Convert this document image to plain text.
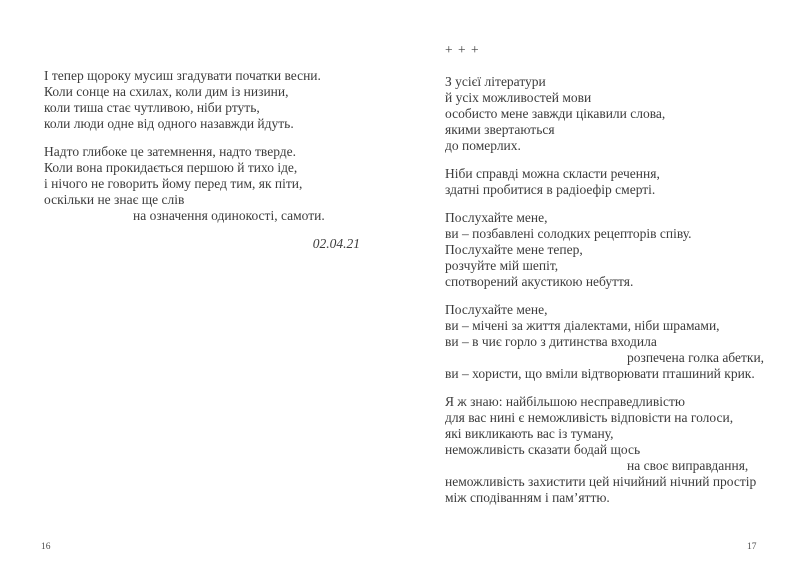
І тепер щороку мусиш згадувати початки весни.
Коли сонце на схилах, коли дим із низини,
коли тиша стає чутливою, ніби ртуть,
коли люди одне від одного назавжди йдуть.
Надто глибоке це затемнення, надто тверде.
Коли вона прокидається першою й тихо іде,
і нічого не говорить йому перед тим, як піти,
оскільки не знає ще слів
на означення одинокості, самоти.
02.04.21
+ + +
З усієї літератури
й усіх можливостей мови
особисто мене завжди цікавили слова,
якими звертаються
до померлих.
Ніби справді можна скласти речення,
здатні пробитися в радіоефір смерті.
Послухайте мене,
ви – позбавлені солодких рецепторів співу.
Послухайте мене тепер,
розчуйте мій шепіт,
спотворений акустикою небуття.
Послухайте мене,
ви – мічені за життя діалектами, ніби шрамами,
ви – в чиє горло з дитинства входила
розпечена голка абетки,
ви – хористи, що вміли відтворювати пташиний крик.
Я ж знаю: найбільшою несправедливістю
для вас нині є неможливість відповісти на голоси,
які викликають вас із туману,
неможливість сказати бодай щось
на своє виправдання,
неможливість захистити цей нічийний нічний простір
між сподіванням і пам’яттю.
16	17
